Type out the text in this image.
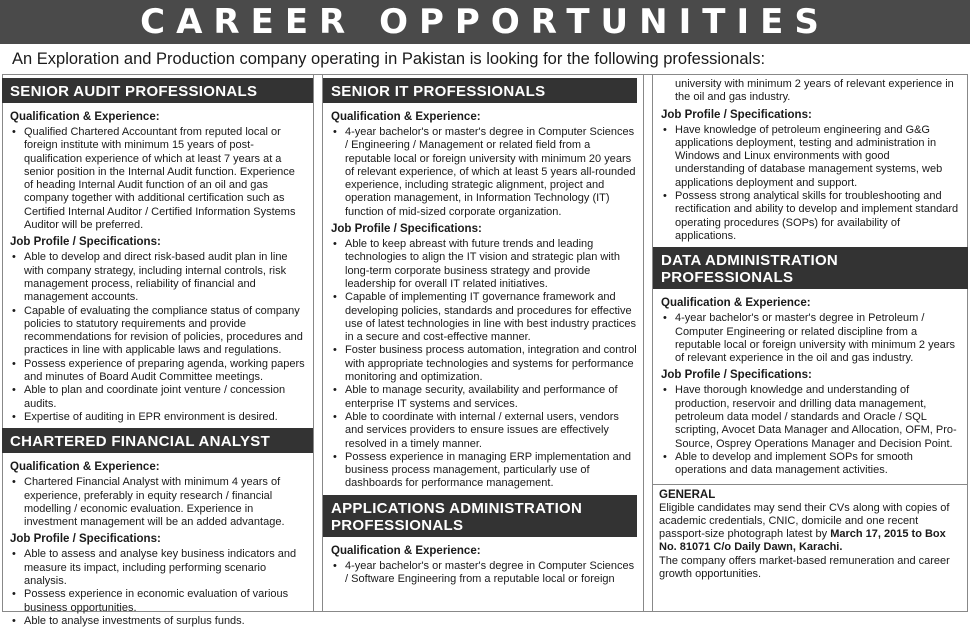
CAREER OPPORTUNITIES
An Exploration and Production company operating in Pakistan is looking for the following professionals:
SENIOR AUDIT PROFESSIONALS
Qualification & Experience:
• Qualified Chartered Accountant from reputed local or foreign institute with minimum 15 years of post-qualification experience of which at least 7 years at a senior position in the Internal Audit function. Experience of heading Internal Audit function of an oil and gas company together with additional certification such as Certified Internal Auditor / Certified Information Systems Auditor will be preferred.
Job Profile / Specifications:
• Able to develop and direct risk-based audit plan in line with company strategy, including internal controls, risk management process, reliability of financial and management accounts.
• Capable of evaluating the compliance status of company policies to statutory requirements and provide recommendations for revision of policies, procedures and practices in line with applicable laws and regulations.
• Possess experience of preparing agenda, working papers and minutes of Board Audit Committee meetings.
• Able to plan and coordinate joint venture / concession audits.
• Expertise of auditing in EPR environment is desired.
CHARTERED FINANCIAL ANALYST
Qualification & Experience:
• Chartered Financial Analyst with minimum 4 years of experience, preferably in equity research / financial modelling / economic evaluation. Experience in investment management will be an added advantage.
Job Profile / Specifications:
• Able to assess and analyse key business indicators and measure its impact, including performing scenario analysis.
• Possess experience in economic evaluation of various business opportunities.
• Able to analyse investments of surplus funds.
SENIOR IT PROFESSIONALS
Qualification & Experience:
• 4-year bachelor's or master's degree in Computer Sciences / Engineering / Management or related field from a reputable local or foreign university with minimum 20 years of relevant experience, of which at least 5 years all-rounded experience, including strategic alignment, project and operation management, in Information Technology (IT) function of mid-sized corporate organization.
Job Profile / Specifications:
• Able to keep abreast with future trends and leading technologies to align the IT vision and strategic plan with long-term corporate business strategy and provide leadership for overall IT related initiatives.
• Capable of implementing IT governance framework and developing policies, standards and procedures for effective use of latest technologies in line with best industry practices in a secure and cost-effective manner.
• Foster business process automation, integration and control with appropriate technologies and systems for performance monitoring and optimization.
• Able to manage security, availability and performance of enterprise IT systems and services.
• Able to coordinate with internal / external users, vendors and services providers to ensure issues are effectively resolved in a timely manner.
• Possess experience in managing ERP implementation and business process management, particularly use of dashboards for performance management.
APPLICATIONS ADMINISTRATION PROFESSIONALS
Qualification & Experience:
• 4-year bachelor's or master's degree in Computer Sciences / Software Engineering from a reputable local or foreign
university with minimum 2 years of relevant experience in the oil and gas industry.
Job Profile / Specifications:
• Have knowledge of petroleum engineering and G&G applications deployment, testing and administration in Windows and Linux environments with good understanding of database management systems, web applications deployment and support.
• Possess strong analytical skills for troubleshooting and rectification and ability to develop and implement standard operating procedures (SOPs) for availability of applications.
DATA ADMINISTRATION PROFESSIONALS
Qualification & Experience:
• 4-year bachelor's or master's degree in Petroleum / Computer Engineering or related discipline from a reputable local or foreign university with minimum 2 years of relevant experience in the oil and gas industry.
Job Profile / Specifications:
• Have thorough knowledge and understanding of production, reservoir and drilling data management, petroleum data model / standards and Oracle / SQL scripting, Avocet Data Manager and Allocation, OFM, Pro-Source, Osprey Operations Manager and Decision Point.
• Able to develop and implement SOPs for smooth operations and data management activities.
GENERAL

Eligible candidates may send their CVs along with copies of academic credentials, CNIC, domicile and one recent passport-size photograph latest by March 17, 2015 to Box No. 81071 C/o Daily Dawn, Karachi.

The company offers market-based remuneration and career growth opportunities.
